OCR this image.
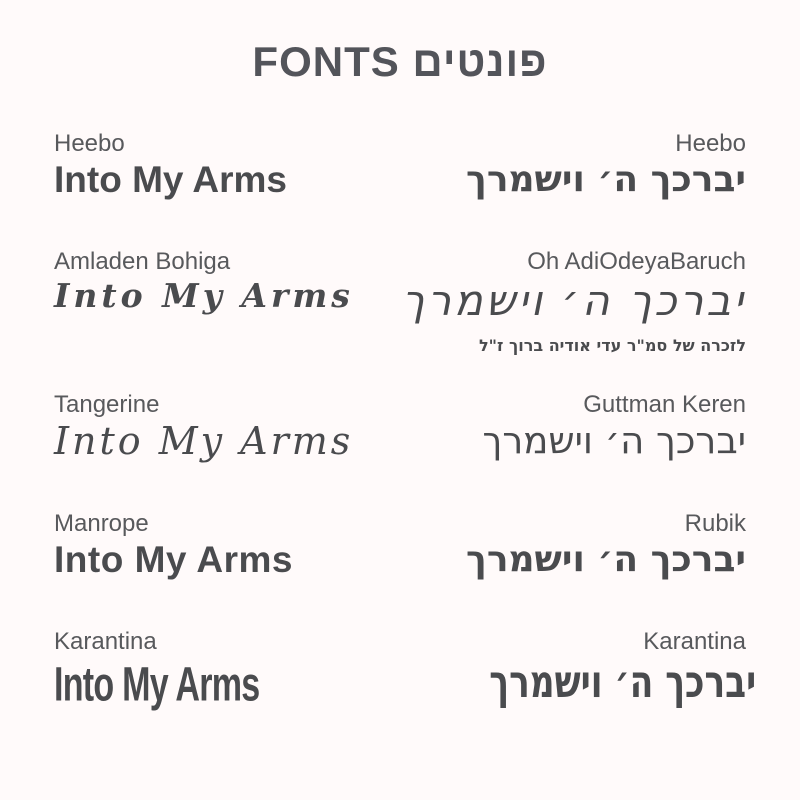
FONTS פונטים
Heebo
Into My Arms
Heebo
יברכך ה׳ וישמרך
Amladen Bohiga
Into My Arms
Oh AdiOdeyaBaruch
יברכך ה׳ וישמרך
לזכרה של סמ"ר עדי אודיה ברוך ז"ל
Tangerine
Into My Arms
Guttman Keren
יברכך ה׳ וישמרך
Manrope
Into My Arms
Rubik
יברכך ה׳ וישמרך
Karantina
Into My Arms
Karantina
יברכך ה׳ וישמרך
